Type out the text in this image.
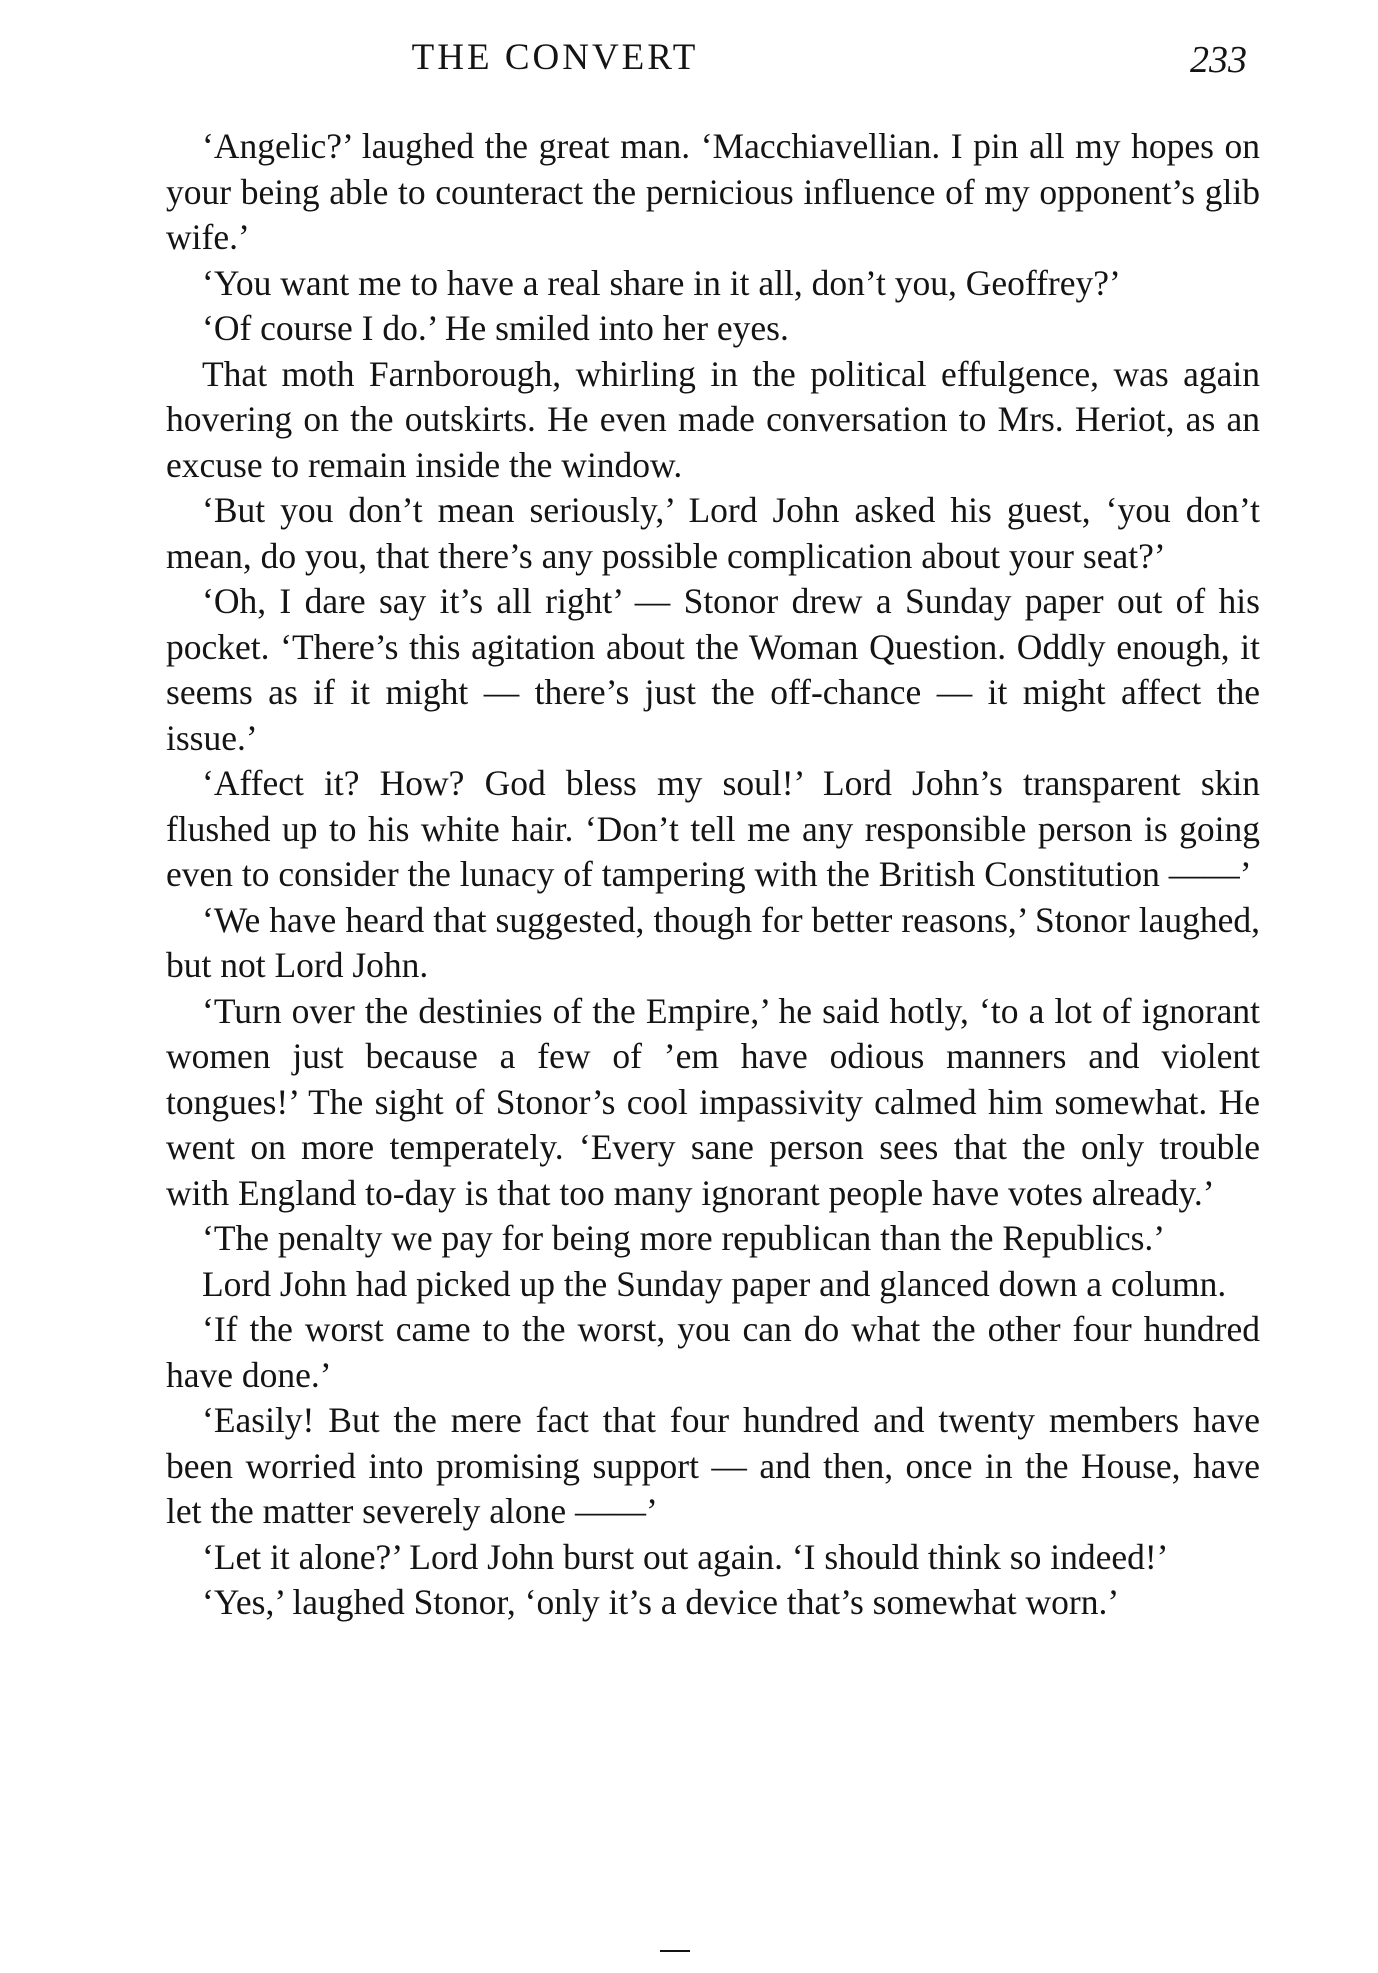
THE CONVERT	233

‘Angelic?’ laughed the great man. ‘Macchiavellian. I pin all my hopes on your being able to counteract the pernicious influence of my opponent’s glib wife.’

‘You want me to have a real share in it all, don’t you, Geoffrey?’

‘Of course I do.’ He smiled into her eyes.

That moth Farnborough, whirling in the political effulgence, was again hovering on the outskirts. He even made conversation to Mrs. Heriot, as an excuse to remain inside the window.

‘But you don’t mean seriously,’ Lord John asked his guest, ‘you don’t mean, do you, that there’s any possible complication about your seat?’

‘Oh, I dare say it’s all right’ — Stonor drew a Sunday paper out of his pocket. ‘There’s this agitation about the Woman Question. Oddly enough, it seems as if it might — there’s just the off-chance — it might affect the issue.’

‘Affect it? How? God bless my soul!’ Lord John’s transparent skin flushed up to his white hair. ‘Don’t tell me any responsible person is going even to consider the lunacy of tampering with the British Constitution ——’

‘We have heard that suggested, though for better reasons,’ Stonor laughed, but not Lord John.

‘Turn over the destinies of the Empire,’ he said hotly, ‘to a lot of ignorant women just because a few of ’em have odious manners and violent tongues!’ The sight of Stonor’s cool impassivity calmed him somewhat. He went on more temperately. ‘Every sane person sees that the only trouble with England to-day is that too many ignorant people have votes already.’

‘The penalty we pay for being more republican than the Republics.’

Lord John had picked up the Sunday paper and glanced down a column.

‘If the worst came to the worst, you can do what the other four hundred have done.’

‘Easily! But the mere fact that four hundred and twenty members have been worried into promising support — and then, once in the House, have let the matter severely alone ——’

‘Let it alone?’ Lord John burst out again. ‘I should think so indeed!’

‘Yes,’ laughed Stonor, ‘only it’s a device that’s somewhat worn.’
